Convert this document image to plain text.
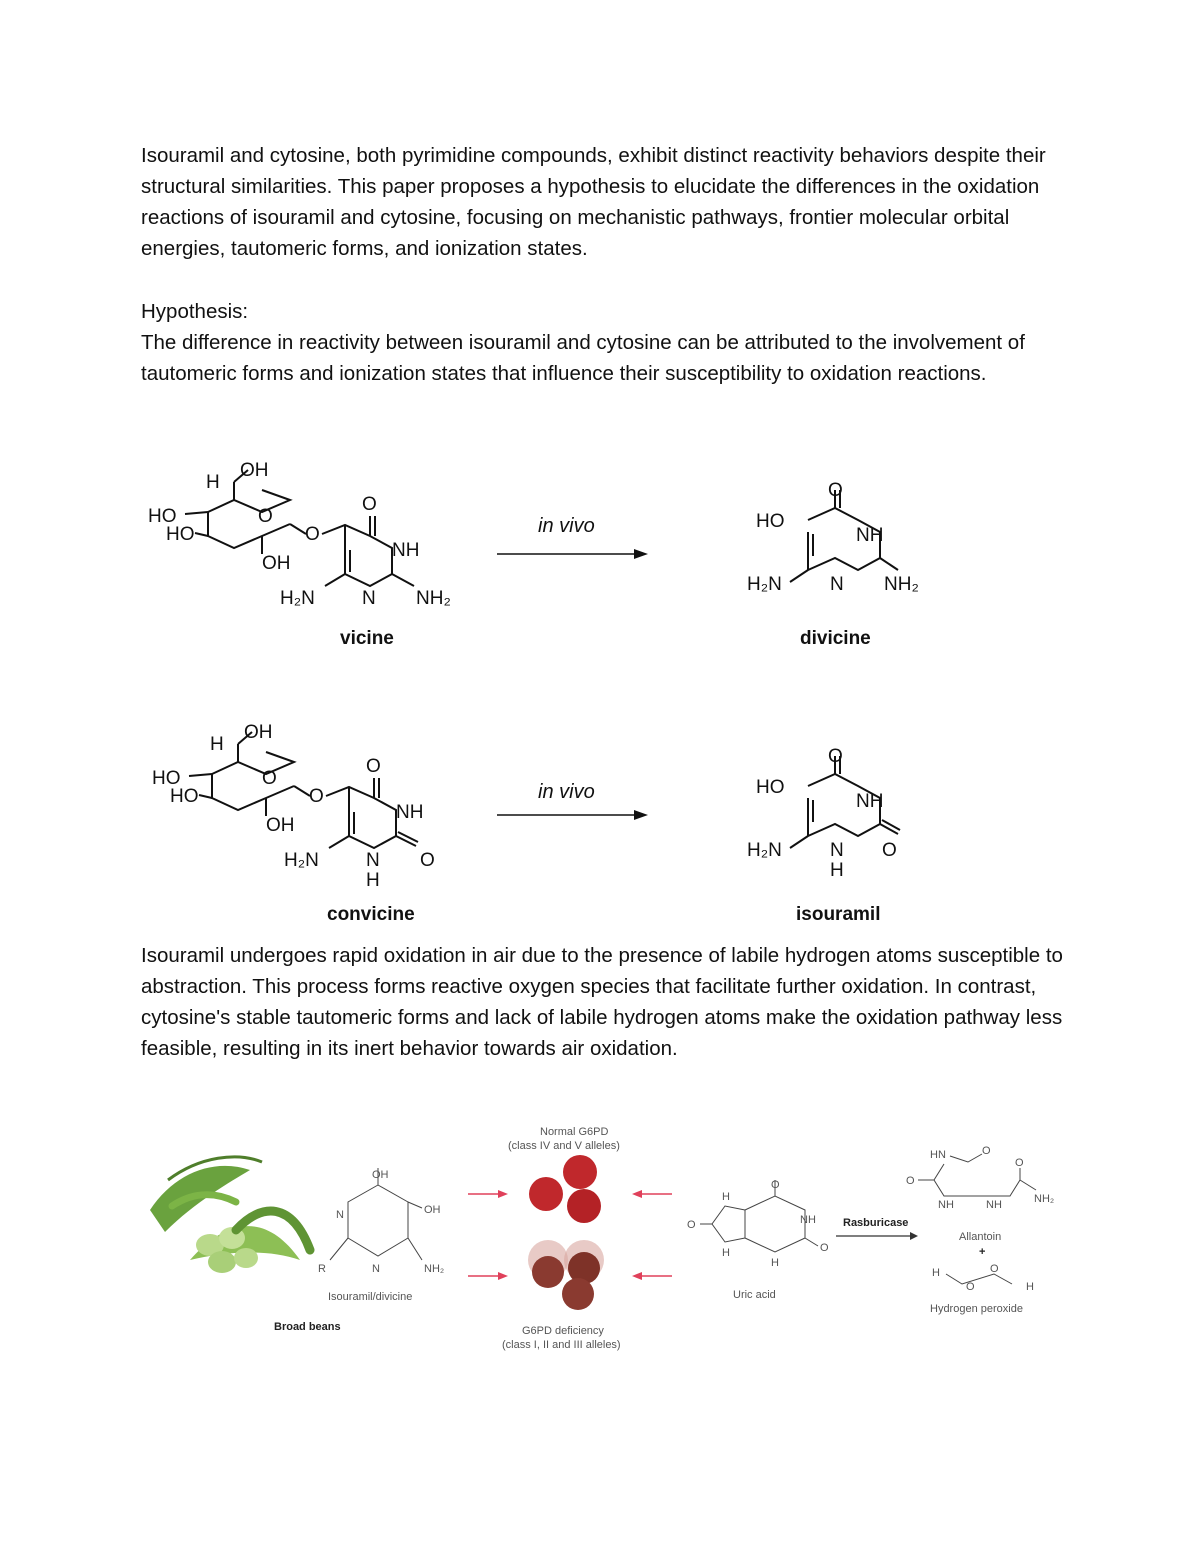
Isouramil and cytosine, both pyrimidine compounds, exhibit distinct reactivity behaviors despite their structural similarities. This paper proposes a hypothesis to elucidate the differences in the oxidation reactions of isouramil and cytosine, focusing on mechanistic pathways, frontier molecular orbital energies, tautomeric forms, and ionization states.

Hypothesis:

The difference in reactivity between isouramil and cytosine can be attributed to the involvement of tautomeric forms and ionization states that influence their susceptibility to oxidation reactions.

OH
H
HO
HO
O
OH
O
O
NH
N
H₂N	NH₂
vicine
in vivo
O
HO
NH
N
H₂N	NH₂
divicine
OH
H
HO
HO
O
OH
O
O
NH
N
H
H₂N	O
convicine
in vivo
O
HO
NH
N
H
H₂N	O
isouramil

Isouramil undergoes rapid oxidation in air due to the presence of labile hydrogen atoms susceptible to abstraction. This process forms reactive oxygen species that facilitate further oxidation. In contrast, cytosine's stable tautomeric forms and lack of labile hydrogen atoms make the oxidation pathway less feasible, resulting in its inert behavior towards air oxidation.

Broad beans
OH
OH
N
N
R	NH₂
Isouramil/divicine
Normal G6PD
(class IV and V alleles)
G6PD deficiency
(class I, II and III alleles)
O
NH
O
O
H
H
H
Uric acid
Rasburicase
HN	O
O
O
NH	NH	NH₂
Allantoin
+
H
O
O
H
Hydrogen peroxide
